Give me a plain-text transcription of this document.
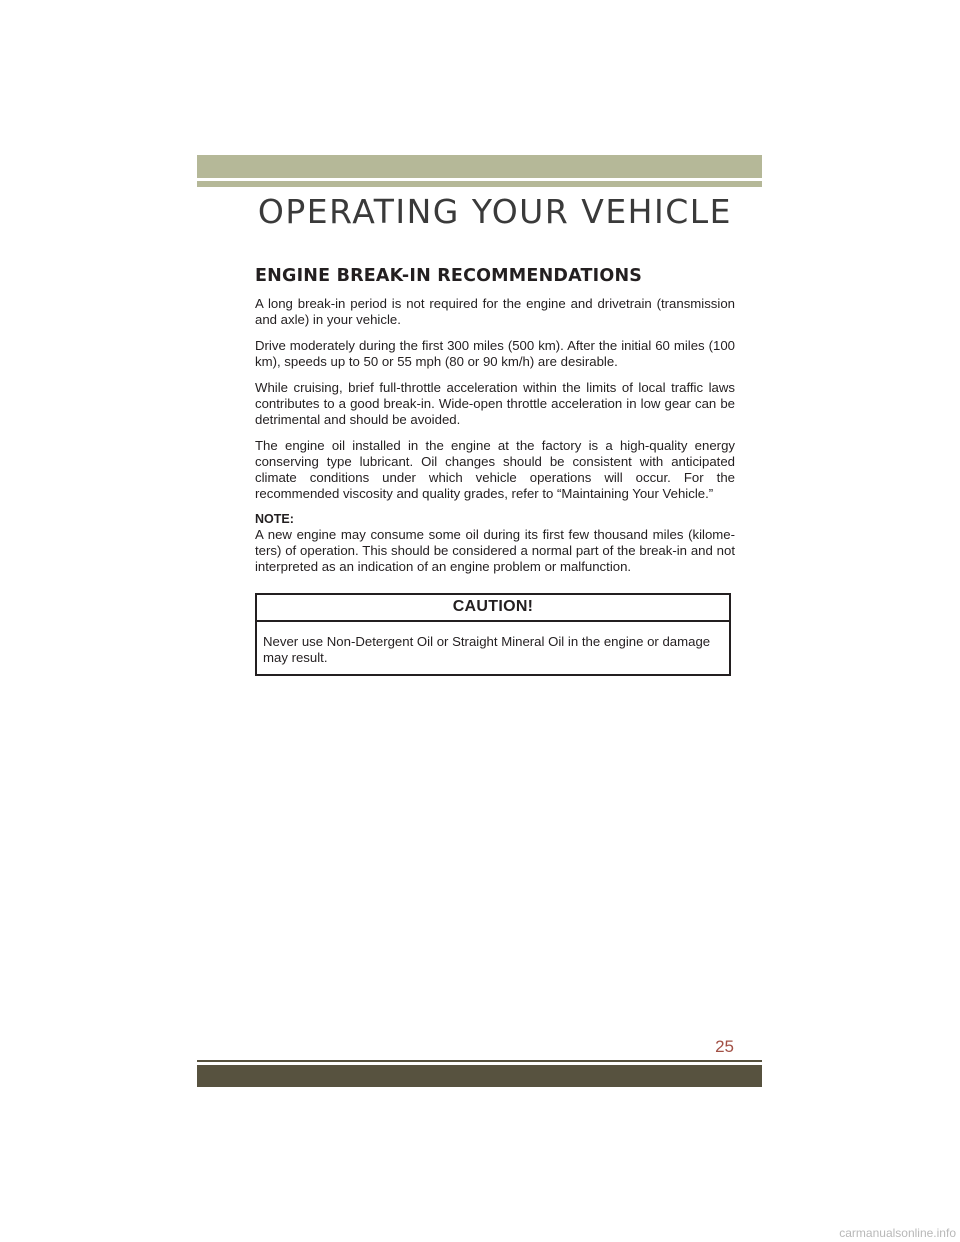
OPERATING YOUR VEHICLE
ENGINE BREAK-IN RECOMMENDATIONS

A long break-in period is not required for the engine and drivetrain (transmission and axle) in your vehicle.

Drive moderately during the first 300 miles (500 km). After the initial 60 miles (100 km), speeds up to 50 or 55 mph (80 or 90 km/h) are desirable.

While cruising, brief full-throttle acceleration within the limits of local traffic laws contributes to a good break-in. Wide-open throttle acceleration in low gear can be detrimental and should be avoided.

The engine oil installed in the engine at the factory is a high-quality energy conserving type lubricant. Oil changes should be consistent with anticipated climate conditions under which vehicle operations will occur. For the recommended viscosity and quality grades, refer to “Maintaining Your Vehicle.”

NOTE:

A new engine may consume some oil during its first few thousand miles (kilome-ters) of operation. This should be considered a normal part of the break-in and not interpreted as an indication of an engine problem or malfunction.

CAUTION!
Never use Non-Detergent Oil or Straight Mineral Oil in the engine or damage may result.
25
carmanualsonline.info
